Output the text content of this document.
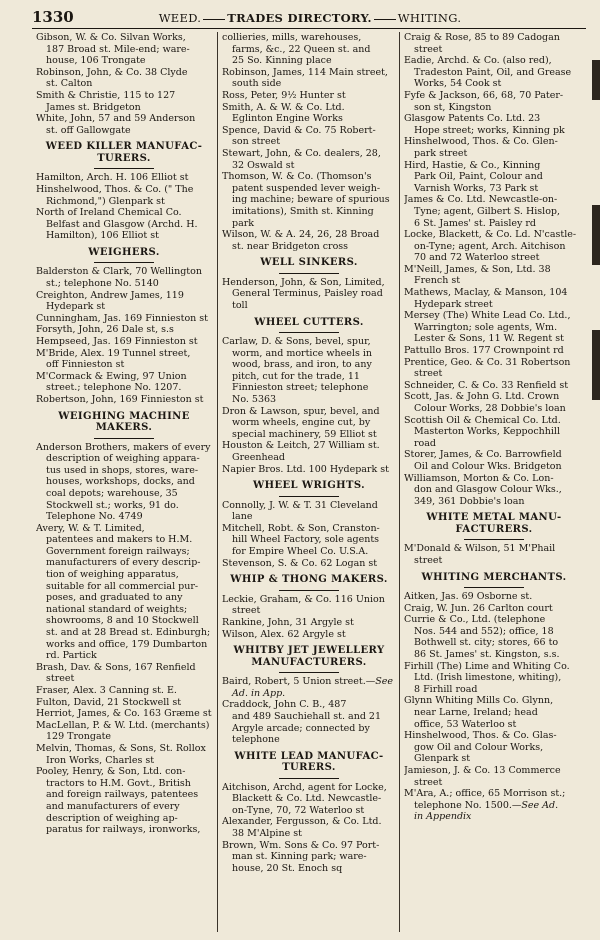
1330	WEED. TRADES DIRECTORY. WHITING.
Gibson, W. & Co. Silvan Works,
187 Broad st. Mile-end; ware-
house, 106 Trongate
Robinson, John, & Co. 38 Clyde
st. Calton
Smith & Christie, 115 to 127
James st. Bridgeton
White, John, 57 and 59 Anderson
st. off Gallowgate
WEED KILLER MANUFAC-
TURERS.
Hamilton, Arch. H. 106 Elliot st
Hinshelwood, Thos. & Co. (" The
Richmond,") Glenpark st
North of Ireland Chemical Co.
Belfast and Glasgow (Archd. H.
Hamilton), 106 Elliot st
WEIGHERS.
Balderston & Clark, 70 Wellington
st.; telephone No. 5140
Creighton, Andrew James, 119
Hydepark st
Cunningham, Jas. 169 Finnieston st
Forsyth, John, 26 Dale st, s.s
Hempseed, Jas. 169 Finnieston st
M'Bride, Alex. 19 Tunnel street,
off Finnieston st
M'Cormack & Ewing, 97 Union
street.; telephone No. 1207.
Robertson, John, 169 Finnieston st
WEIGHING MACHINE
MAKERS.
Anderson Brothers, makers of every
description of weighing appara-
tus used in shops, stores, ware-
houses, workshops, docks, and
coal depots; warehouse, 35
Stockwell st.; works, 91 do.
Telephone No. 4749
Avery, W. & T. Limited,
patentees and makers to H.M.
Government foreign railways;
manufacturers of every descrip-
tion of weighing apparatus,
suitable for all commercial pur-
poses, and graduated to any
national standard of weights;
showrooms, 8 and 10 Stockwell
st. and at 28 Bread st. Edinburgh;
works and office, 179 Dumbarton
rd. Partick
Brash, Dav. & Sons, 167 Renfield
street
Fraser, Alex. 3 Canning st. E.
Fulton, David, 21 Stockwell st
Herriot, James, & Co. 163 Græme st
MacLellan, P. & W. Ltd. (merchants)
129 Trongate
Melvin, Thomas, & Sons, St. Rollox
Iron Works, Charles st
Pooley, Henry, & Son, Ltd. con-
tractors to H.M. Govt., British
and foreign railways, patentees
and manufacturers of every
description of weighing ap-
paratus for railways, ironworks,
collieries, mills, warehouses,
farms, &c., 22 Queen st. and
25 So. Kinning place
Robinson, James, 114 Main street,
south side
Ross, Peter, 9½ Hunter st
Smith, A. & W. & Co. Ltd.
Eglinton Engine Works
Spence, David & Co. 75 Robert-
son street
Stewart, John, & Co. dealers, 28,
32 Oswald st
Thomson, W. & Co. (Thomson's
patent suspended lever weigh-
ing machine; beware of spurious
imitations), Smith st. Kinning
park
Wilson, W. & A. 24, 26, 28 Broad
st. near Bridgeton cross
WELL SINKERS.
Henderson, John, & Son, Limited,
General Terminus, Paisley road
toll
WHEEL CUTTERS.
Carlaw, D. & Sons, bevel, spur,
worm, and mortice wheels in
wood, brass, and iron, to any
pitch, cut for the trade, 11
Finnieston street; telephone
No. 5363
Dron & Lawson, spur, bevel, and
worm wheels, engine cut, by
special machinery, 59 Elliot st
Houston & Leitch, 27 William st.
Greenhead
Napier Bros. Ltd. 100 Hydepark st
WHEEL WRIGHTS.
Connolly, J. W. & T. 31 Cleveland
lane
Mitchell, Robt. & Son, Cranston-
hill Wheel Factory, sole agents
for Empire Wheel Co. U.S.A.
Stevenson, S. & Co. 62 Logan st
WHIP & THONG MAKERS.
Leckie, Graham, & Co. 116 Union
street
Rankine, John, 31 Argyle st
Wilson, Alex. 62 Argyle st
WHITBY JET JEWELLERY
MANUFACTURERS.
Baird, Robert, 5 Union street.—See Ad. in App.
Craddock, John C. B., 487
and 489 Sauchiehall st. and 21
Argyle arcade; connected by
telephone
WHITE LEAD MANUFAC-
TURERS.
Aitchison, Archd, agent for Locke,
Blackett & Co. Ltd. Newcastle-
on-Tyne, 70, 72 Waterloo st
Alexander, Fergusson, & Co. Ltd.
38 M'Alpine st
Brown, Wm. Sons & Co. 97 Port-
man st. Kinning park; ware-
house, 20 St. Enoch sq
Craig & Rose, 85 to 89 Cadogan
street
Eadie, Archd. & Co. (also red),
Tradeston Paint, Oil, and Grease
Works, 54 Cook st
Fyfe & Jackson, 66, 68, 70 Pater-
son st, Kingston
Glasgow Patents Co. Ltd. 23
Hope street; works, Kinning pk
Hinshelwood, Thos. & Co. Glen-
park street
Hird, Hastie, & Co., Kinning
Park Oil, Paint, Colour and
Varnish Works, 73 Park st
James & Co. Ltd. Newcastle-on-
Tyne; agent, Gilbert S. Hislop,
6 St. James' st. Paisley rd
Locke, Blackett, & Co. Ld. N'castle-
on-Tyne; agent, Arch. Aitchison
70 and 72 Waterloo street
M'Neill, James, & Son, Ltd. 38
French st
Mathews, Maclay, & Manson, 104
Hydepark street
Mersey (The) White Lead Co. Ltd.,
Warrington; sole agents, Wm.
Lester & Sons, 11 W. Regent st
Pattullo Bros. 177 Crownpoint rd
Prentice, Geo. & Co. 31 Robertson
street
Schneider, C. & Co. 33 Renfield st
Scott, Jas. & John G. Ltd. Crown
Colour Works, 28 Dobbie's loan
Scottish Oil & Chemical Co. Ltd.
Masterton Works, Keppochhill
road
Storer, James, & Co. Barrowfield
Oil and Colour Wks. Bridgeton
Williamson, Morton & Co. Lon-
don and Glasgow Colour Wks.,
349, 361 Dobbie's loan
WHITE METAL MANU-
FACTURERS.
M'Donald & Wilson, 51 M'Phail
street
WHITING MERCHANTS.
Aitken, Jas. 69 Osborne st.
Craig, W. Jun. 26 Carlton court
Currie & Co., Ltd. (telephone
Nos. 544 and 552); office, 18
Bothwell st. city; stores, 66 to
86 St. James' st. Kingston, s.s.
Firhill (The) Lime and Whiting Co.
Ltd. (Irish limestone, whiting),
8 Firhill road
Glynn Whiting Mills Co. Glynn,
near Larne, Ireland; head
office, 53 Waterloo st
Hinshelwood, Thos. & Co. Glas-
gow Oil and Colour Works,
Glenpark st
Jamieson, J. & Co. 13 Commerce
street
M'Ara, A.; office, 65 Morrison st.;
telephone No. 1500.—See Ad.
in Appendix
